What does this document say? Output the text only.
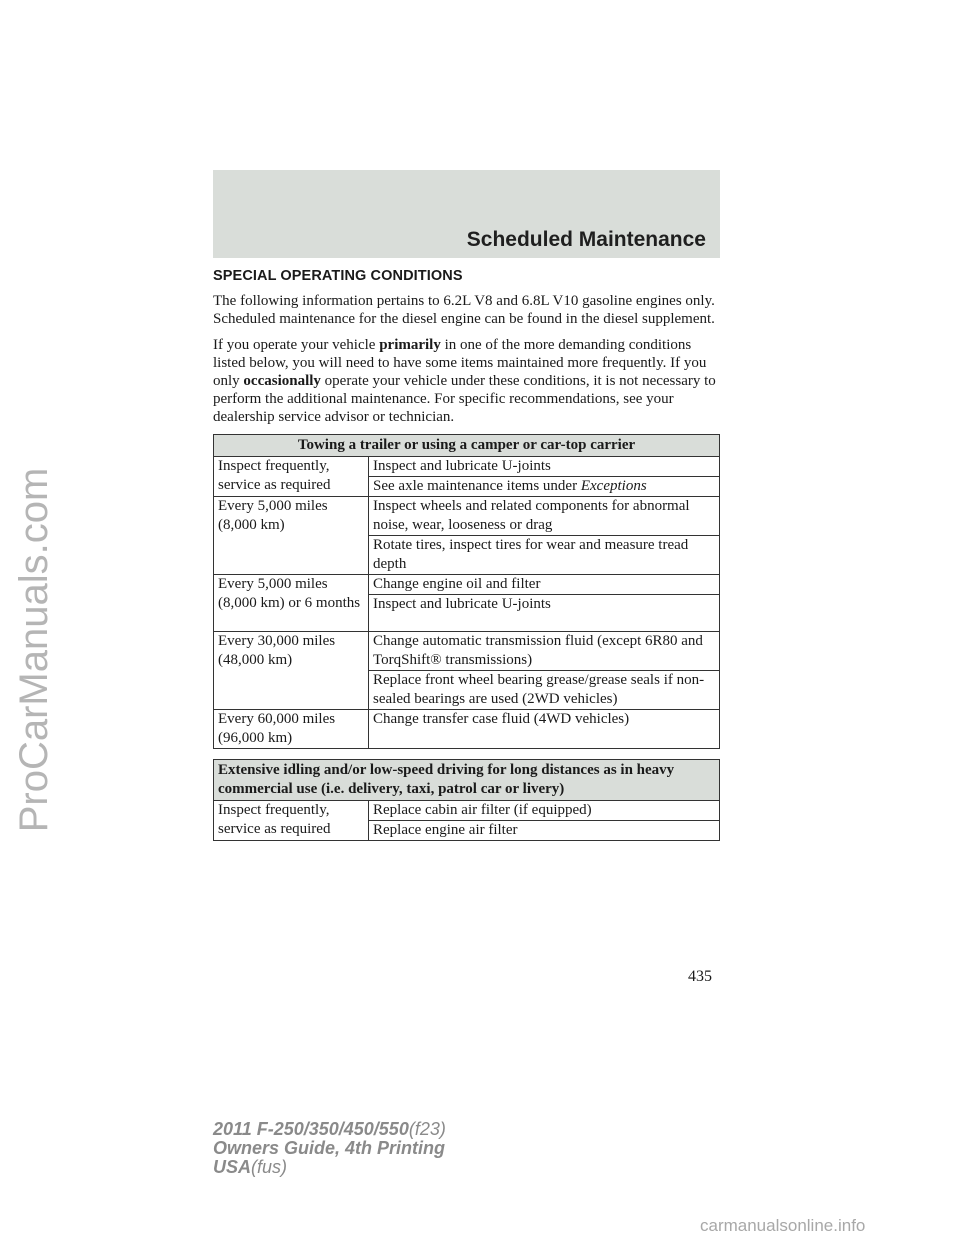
ProCarManuals.com
Scheduled Maintenance
SPECIAL OPERATING CONDITIONS

The following information pertains to 6.2L V8 and 6.8L V10 gasoline engines only. Scheduled maintenance for the diesel engine can be found in the diesel supplement.

If you operate your vehicle primarily in one of the more demanding conditions listed below, you will need to have some items maintained more frequently. If you only occasionally operate your vehicle under these conditions, it is not necessary to perform the additional maintenance. For specific recommendations, see your dealership service advisor or technician.

Towing a trailer or using a camper or car-top carrier	
Inspect frequently, service as required	Inspect and lubricate U-joints
	See axle maintenance items under Exceptions
Every 5,000 miles (8,000 km)	Inspect wheels and related components for abnormal noise, wear, looseness or drag
	Rotate tires, inspect tires for wear and measure tread depth
Every 5,000 miles (8,000 km) or 6 months	Change engine oil and filter
	Inspect and lubricate U-joints
Every 30,000 miles (48,000 km)	Change automatic transmission fluid (except 6R80 and TorqShift® transmissions)
	Replace front wheel bearing grease/grease seals if non-sealed bearings are used (2WD vehicles)
Every 60,000 miles (96,000 km)	Change transfer case fluid (4WD vehicles)

Extensive idling and/or low-speed driving for long distances as in heavy commercial use (i.e. delivery, taxi, patrol car or livery)	
Inspect frequently, service as required	Replace cabin air filter (if equipped)
	Replace engine air filter
435
2011 F-250/350/450/550(f23)
Owners Guide, 4th Printing
USA(fus)
carmanualsonline.info
